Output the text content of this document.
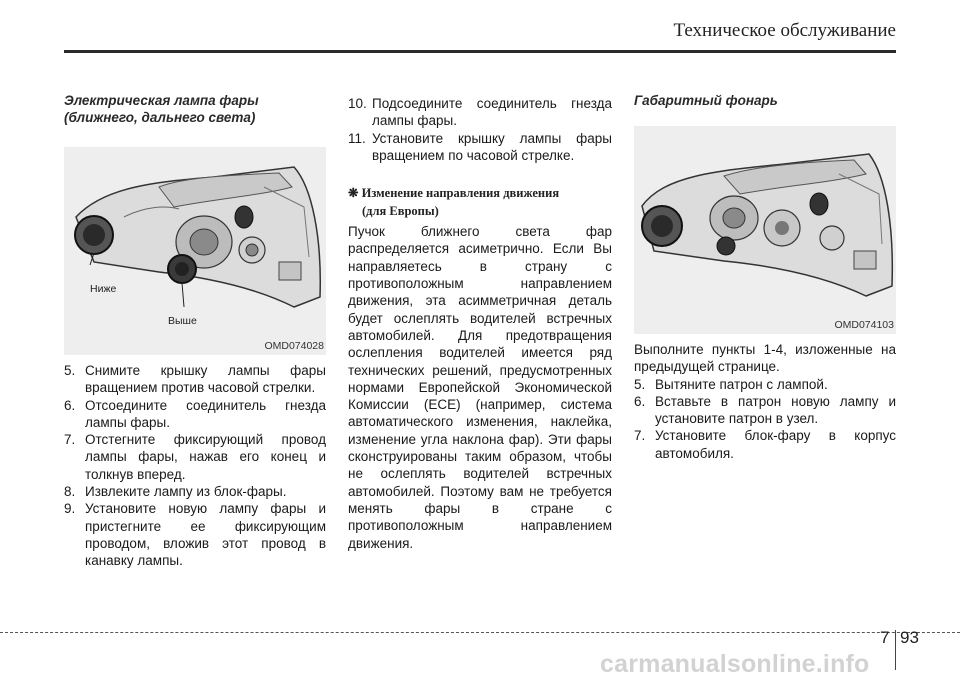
Техническое обслуживание
Электрическая лампа фары
(ближнего, дальнего света)
Ниже
Выше
OMD074028
5. Снимите крышку лампы фары вращением против часовой стрелки.
6. Отсоедините соединитель гнезда лампы фары.
7. Отстегните фиксирующий провод лампы фары, нажав его конец и толкнув вперед.
8. Извлеките лампу из блок-фары.
9. Установите новую лампу фары и пристегните ее фиксирующим проводом, вложив этот провод в канавку лампы.
10. Подсоедините соединитель гнезда лампы фары.
11. Установите крышку лампы фары вращением по часовой стрелке.
❋ Изменение направления движения
(для Европы)

Пучок ближнего света фар распределяется асиметрично. Если Вы направляетесь в страну с противоположным направлением движения, эта асимметричная деталь будет ослеплять водителей встречных автомобилей. Для предотвращения ослепления водителей имеется ряд технических решений, предусмотренных нормами Европейской Экономической Комиссии (ECE) (например, система автоматического изменения, наклейка, изменение угла наклона фар). Эти фары сконструированы таким образом, чтобы не ослеплять водителей встречных автомобилей. Поэтому вам не требуется менять фары в стране с противоположным направлением движения.

Габаритный фонарь
OMD074103

Выполните пункты 1-4, изложенные на предыдущей странице.

5. Вытяните патрон с лампой.
6. Вставьте в патрон новую лампу и установите патрон в узел.
7. Установите блок-фару в корпус автомобиля.
7 93
carmanualsonline.info
